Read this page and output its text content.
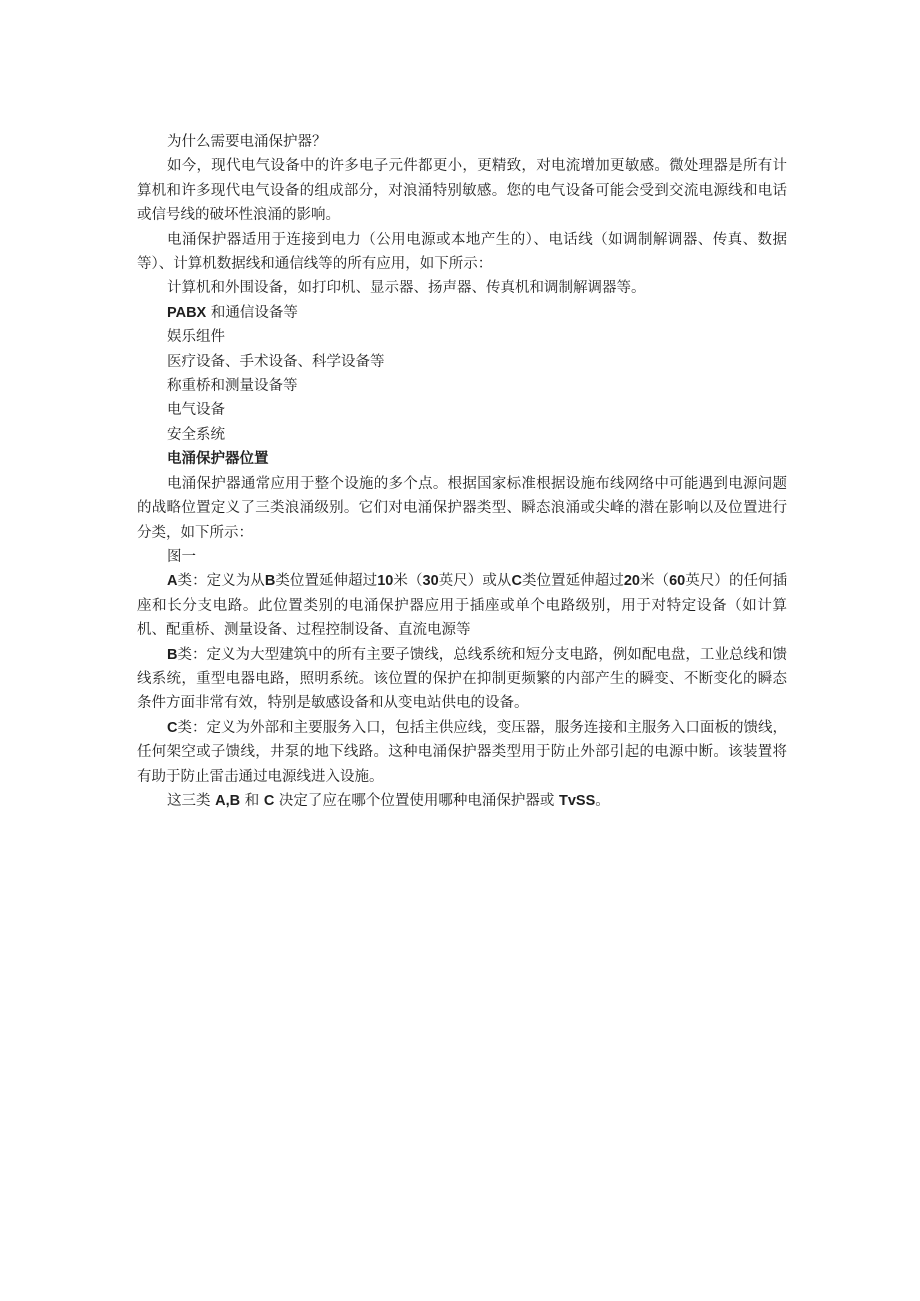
为什么需要电涌保护器？

如今，现代电气设备中的许多电子元件都更小，更精致，对电流增加更敏感。微处理器是所有计算机和许多现代电气设备的组成部分，对浪涌特别敏感。您的电气设备可能会受到交流电源线和电话或信号线的破坏性浪涌的影响。

电涌保护器适用于连接到电力（公用电源或本地产生的）、电话线（如调制解调器、传真、数据等）、计算机数据线和通信线等的所有应用，如下所示：

计算机和外围设备，如打印机、显示器、扬声器、传真机和调制解调器等。

PABX 和通信设备等

娱乐组件

医疗设备、手术设备、科学设备等

称重桥和测量设备等

电气设备

安全系统

电涌保护器位置

电涌保护器通常应用于整个设施的多个点。根据国家标准根据设施布线网络中可能遇到电源问题的战略位置定义了三类浪涌级别。它们对电涌保护器类型、瞬态浪涌或尖峰的潜在影响以及位置进行分类，如下所示：

图一

A类：定义为从B类位置延伸超过10米（30英尺）或从C类位置延伸超过20米（60英尺）的任何插座和长分支电路。此位置类别的电涌保护器应用于插座或单个电路级别，用于对特定设备（如计算机、配重桥、测量设备、过程控制设备、直流电源等

B类：定义为大型建筑中的所有主要子馈线，总线系统和短分支电路，例如配电盘，工业总线和馈线系统，重型电器电路，照明系统。该位置的保护在抑制更频繁的内部产生的瞬变、不断变化的瞬态条件方面非常有效，特别是敏感设备和从变电站供电的设备。

C类：定义为外部和主要服务入口，包括主供应线，变压器，服务连接和主服务入口面板的馈线，任何架空或子馈线，井泵的地下线路。这种电涌保护器类型用于防止外部引起的电源中断。该装置将有助于防止雷击通过电源线进入设施。

这三类 A,B 和 C 决定了应在哪个位置使用哪种电涌保护器或 TvSS。
